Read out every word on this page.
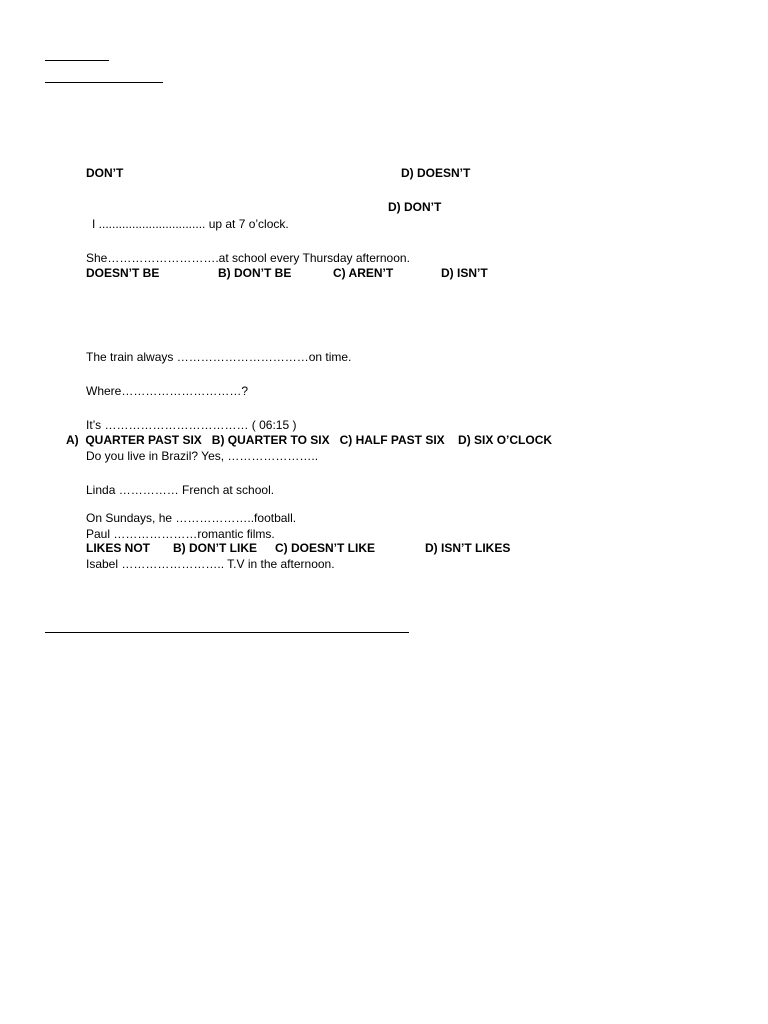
DON’T	D) DOESN’T
D) DON’T
I ................................ up at 7 o’clock.
She……………………….at school every Thursday afternoon.
DOESN’T BE	B) DON’T BE	C) AREN’T	D) ISN’T
The train always ……………………………on time.
Where…………………………?
It’s ……………………………… ( 06:15 )
A)  QUARTER PAST SIX   B) QUARTER TO SIX   C) HALF PAST SIX    D) SIX O’CLOCK
Do you live in Brazil? Yes, …………………..
Linda …………… French at school.
On Sundays, he ………………..football.
Paul …………………romantic films.
LIKES NOT B) DON’T LIKE C) DOESN’T LIKE	D) ISN’T LIKES
Isabel …………………….. T.V in the afternoon.
